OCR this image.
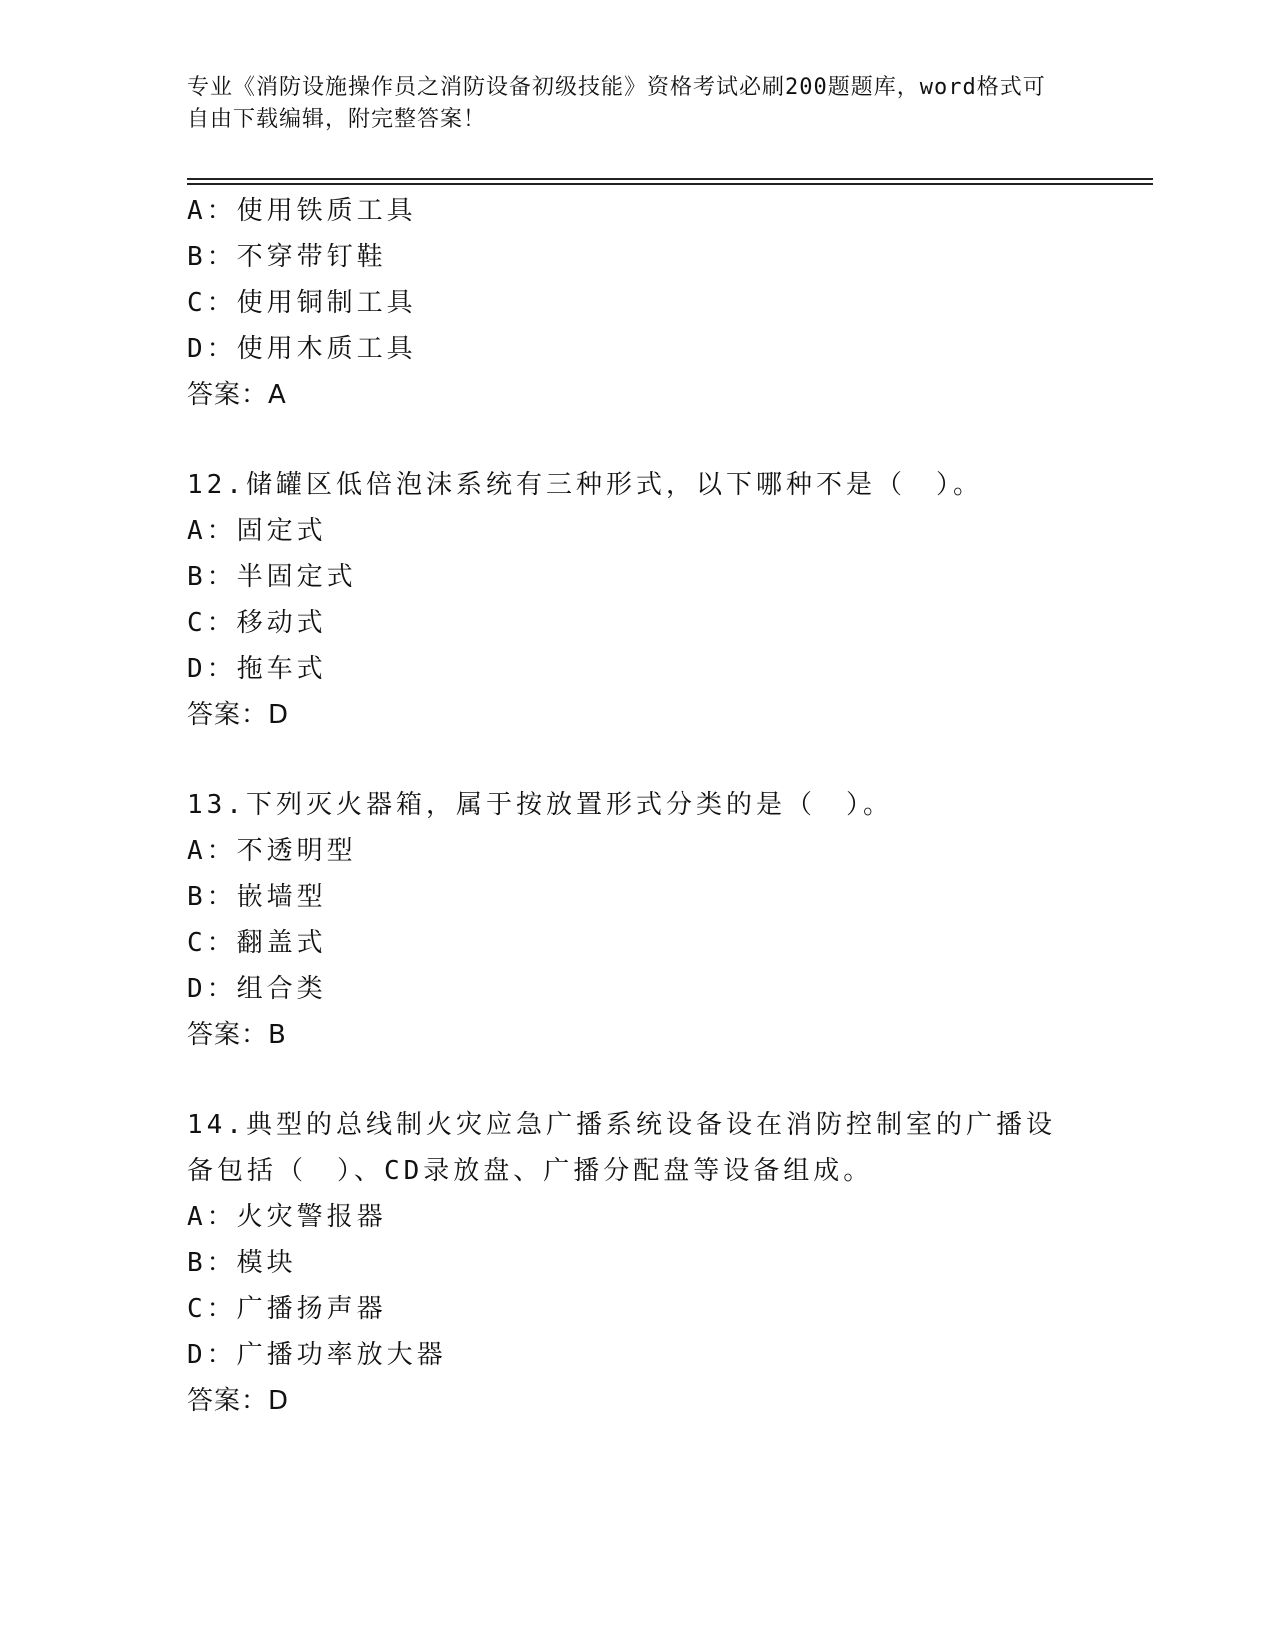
专业《消防设施操作员之消防设备初级技能》资格考试必刷200题题库，word格式可自由下载编辑，附完整答案！
A：使用铁质工具
B：不穿带钉鞋
C：使用铜制工具
D：使用木质工具
答案：A
12.储罐区低倍泡沫系统有三种形式，以下哪种不是（　）。
A：固定式
B：半固定式
C：移动式
D：拖车式
答案：D
13.下列灭火器箱，属于按放置形式分类的是（　）。
A：不透明型
B：嵌墙型
C：翻盖式
D：组合类
答案：B
14.典型的总线制火灾应急广播系统设备设在消防控制室的广播设备包括（　）、CD录放盘、广播分配盘等设备组成。
A：火灾警报器
B：模块
C：广播扬声器
D：广播功率放大器
答案：D
